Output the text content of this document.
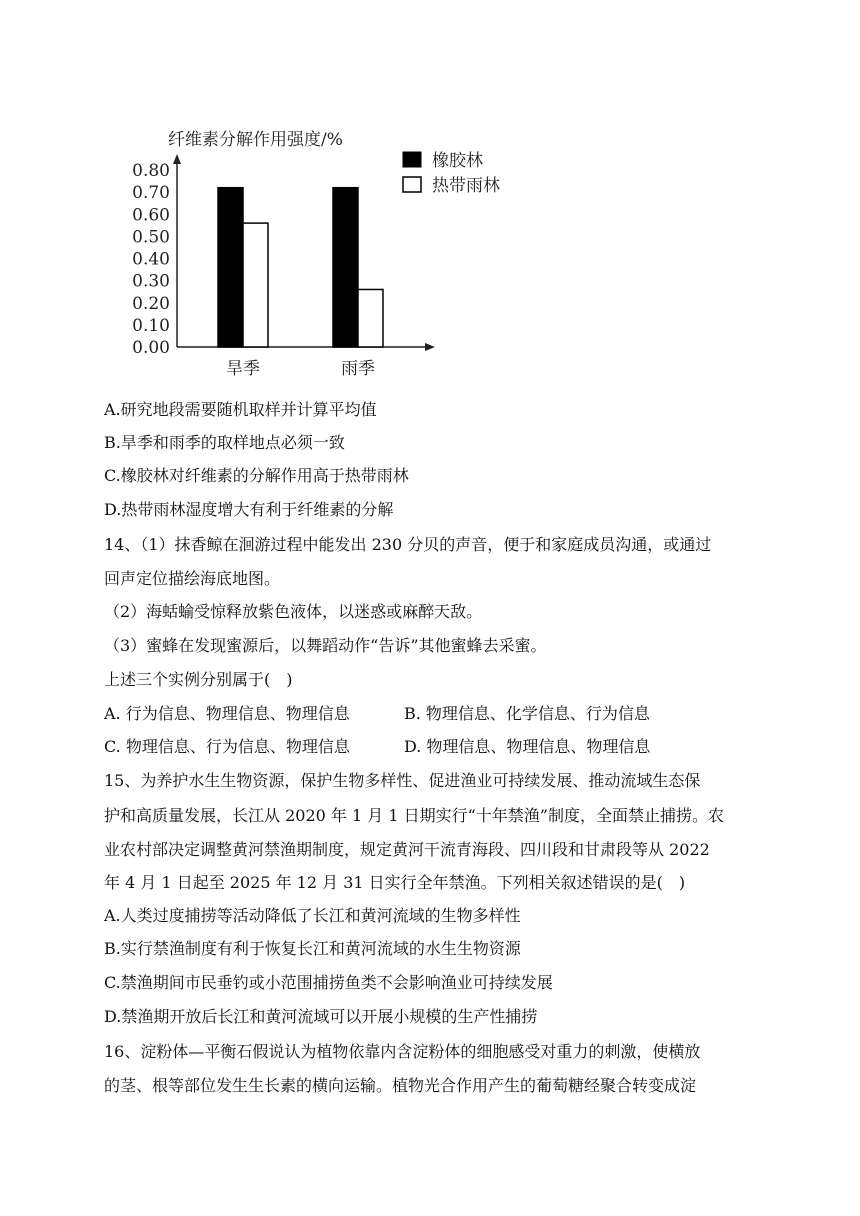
纤维素分解作用强度/%
0.00
0.10
0.20
0.30
0.40
0.50
0.60
0.70
0.80
旱季	雨季
橡胶林
热带雨林
A.研究地段需要随机取样并计算平均值
B.旱季和雨季的取样地点必须一致
C.橡胶林对纤维素的分解作用高于热带雨林
D.热带雨林湿度增大有利于纤维素的分解
14、（1）抹香鲸在洄游过程中能发出 230 分贝的声音，便于和家庭成员沟通，或通过
回声定位描绘海底地图。
（2）海蛞蝓受惊释放紫色液体，以迷惑或麻醉天敌。
（3）蜜蜂在发现蜜源后，以舞蹈动作“告诉”其他蜜蜂去采蜜。
上述三个实例分别属于(　)
A. 行为信息、物理信息、物理信息	B. 物理信息、化学信息、行为信息
C. 物理信息、行为信息、物理信息	D. 物理信息、物理信息、物理信息
15、为养护水生生物资源，保护生物多样性、促进渔业可持续发展、推动流域生态保
护和高质量发展，长江从 2020 年 1 月 1 日期实行“十年禁渔”制度，全面禁止捕捞。农
业农村部决定调整黄河禁渔期制度，规定黄河干流青海段、四川段和甘肃段等从 2022
年 4 月 1 日起至 2025 年 12 月 31 日实行全年禁渔。下列相关叙述错误的是(　)
A.人类过度捕捞等活动降低了长江和黄河流域的生物多样性
B.实行禁渔制度有利于恢复长江和黄河流域的水生生物资源
C.禁渔期间市民垂钓或小范围捕捞鱼类不会影响渔业可持续发展
D.禁渔期开放后长江和黄河流域可以开展小规模的生产性捕捞
16、淀粉体—平衡石假说认为植物依靠内含淀粉体的细胞感受对重力的刺激，使横放
的茎、根等部位发生生长素的横向运输。植物光合作用产生的葡萄糖经聚合转变成淀
